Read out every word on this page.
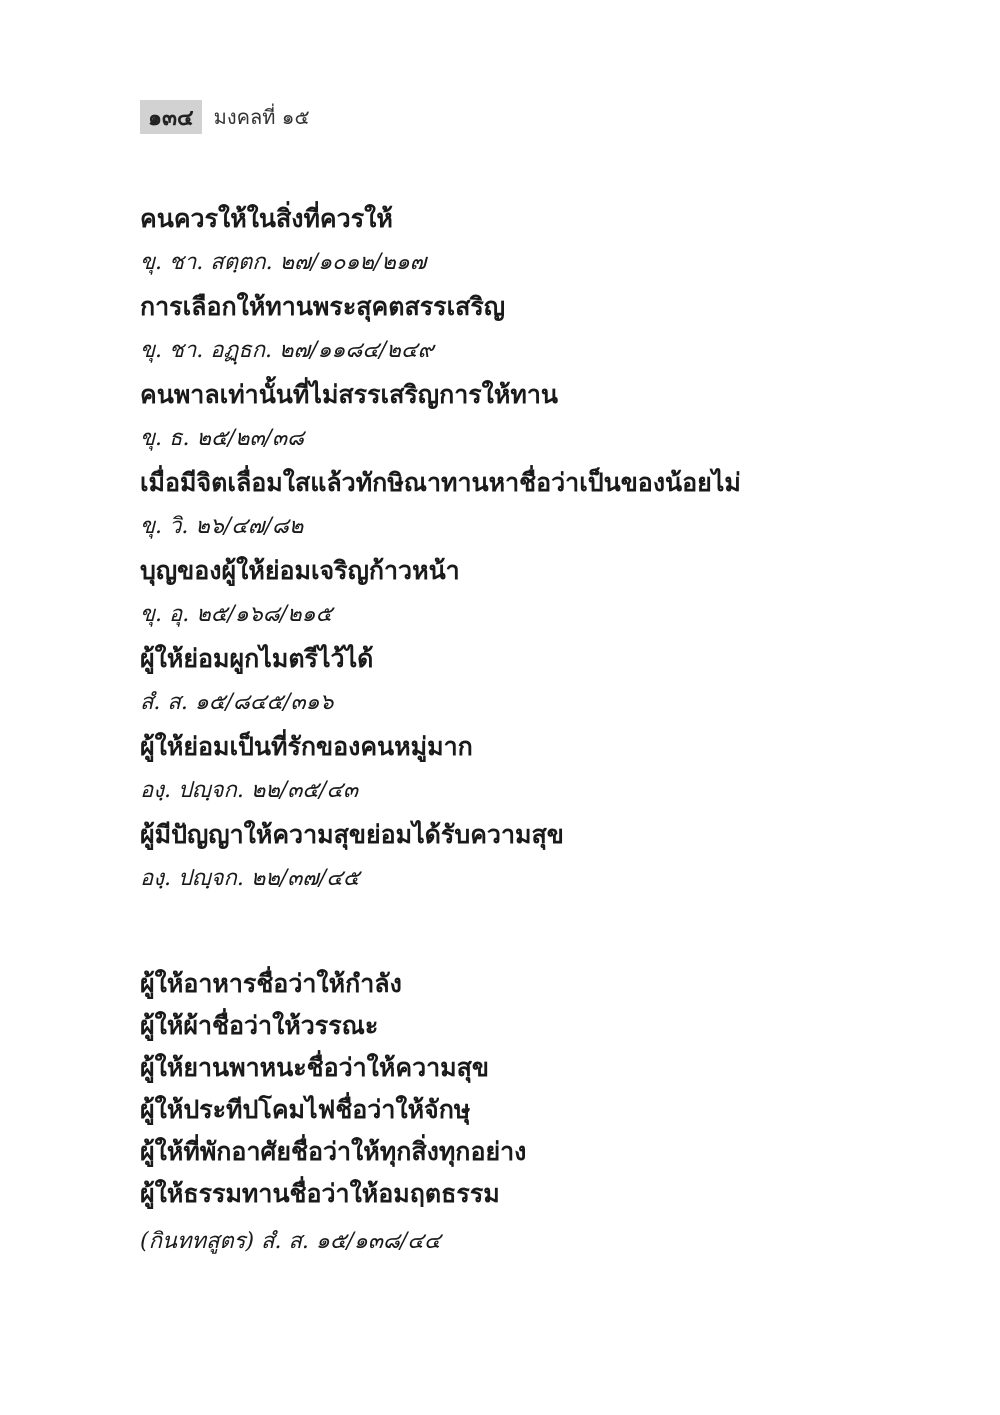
๑๓๔	มงคลที่ ๑๕
คนควรให้ในสิ่งที่ควรให้
ขุ. ชา. สตฺตก. ๒๗/๑๐๑๒/๒๑๗
การเลือกให้ทานพระสุคตสรรเสริญ
ขุ. ชา. อฏฺธก. ๒๗/๑๑๘๔/๒๔๙
คนพาลเท่านั้นที่ไม่สรรเสริญการให้ทาน
ขุ. ธ. ๒๕/๒๓/๓๘
เมื่อมีจิตเลื่อมใสแล้วทักษิณาทานหาชื่อว่าเป็นของน้อยไม่
ขุ. วิ. ๒๖/๔๗/๘๒
บุญของผู้ให้ย่อมเจริญก้าวหน้า
ขุ. อุ. ๒๕/๑๖๘/๒๑๕
ผู้ให้ย่อมผูกไมตรีไว้ได้
สํ. ส. ๑๕/๘๔๕/๓๑๖
ผู้ให้ย่อมเป็นที่รักของคนหมู่มาก
องฺ. ปญฺจก. ๒๒/๓๕/๔๓
ผู้มีปัญญาให้ความสุขย่อมได้รับความสุข
องฺ. ปญฺจก. ๒๒/๓๗/๔๕
ผู้ให้อาหารชื่อว่าให้กำลัง
ผู้ให้ผ้าชื่อว่าให้วรรณะ
ผู้ให้ยานพาหนะชื่อว่าให้ความสุข
ผู้ให้ประทีปโคมไฟชื่อว่าให้จักษุ
ผู้ให้ที่พักอาศัยชื่อว่าให้ทุกสิ่งทุกอย่าง
ผู้ให้ธรรมทานชื่อว่าให้อมฤตธรรม
(กินททสูตร) สํ. ส. ๑๕/๑๓๘/๔๔
